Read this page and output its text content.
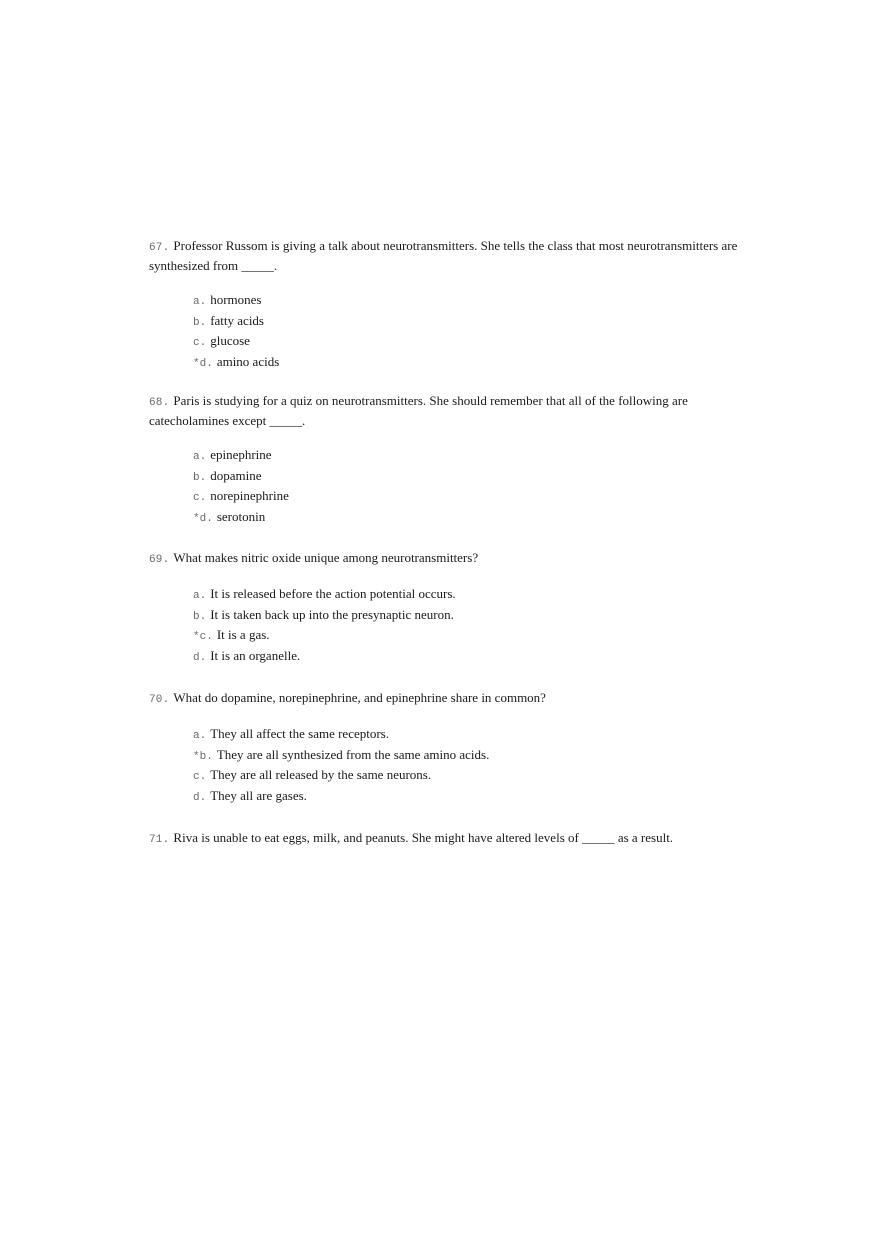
67. Professor Russom is giving a talk about neurotransmitters. She tells the class that most neurotransmitters are synthesized from _____.
a. hormones
b. fatty acids
c. glucose
*d. amino acids
68. Paris is studying for a quiz on neurotransmitters. She should remember that all of the following are catecholamines except _____.
a. epinephrine
b. dopamine
c. norepinephrine
*d. serotonin
69. What makes nitric oxide unique among neurotransmitters?
a. It is released before the action potential occurs.
b. It is taken back up into the presynaptic neuron.
*c. It is a gas.
d. It is an organelle.
70. What do dopamine, norepinephrine, and epinephrine share in common?
a. They all affect the same receptors.
*b. They are all synthesized from the same amino acids.
c. They are all released by the same neurons.
d. They all are gases.
71. Riva is unable to eat eggs, milk, and peanuts. She might have altered levels of _____ as a result.
